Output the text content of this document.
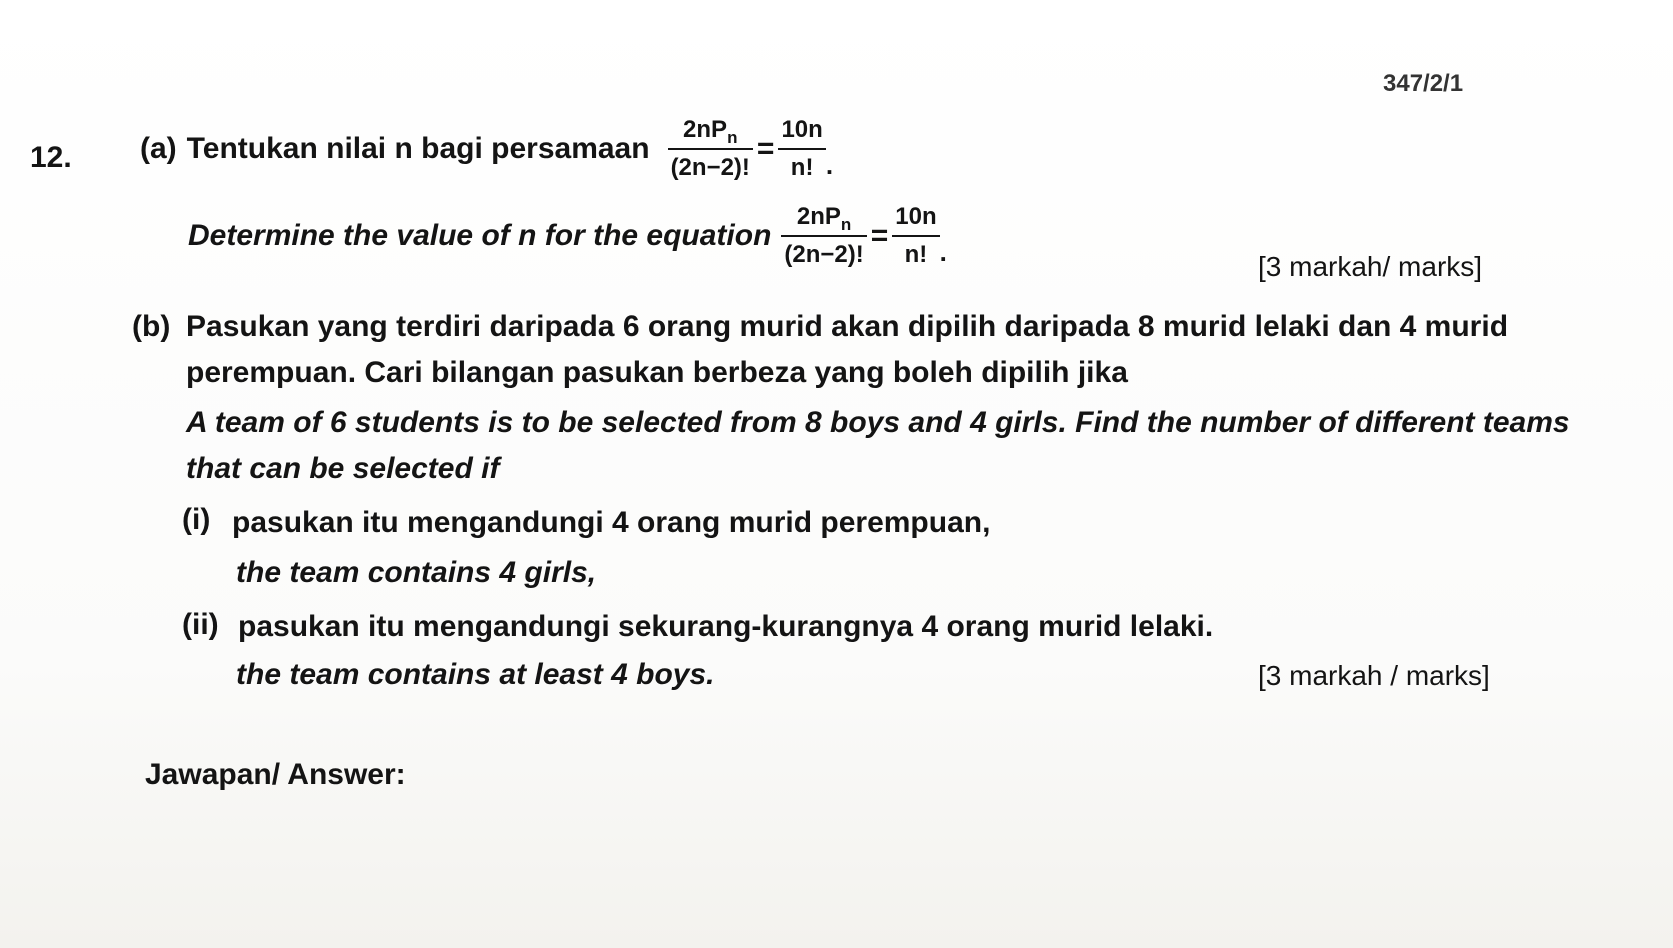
347/2/1
12. (a) Tentukan nilai n bagi persamaan $\frac{2nP_n}{(2n-2)!} = \frac{10n}{n!}$ .
Determine the value of n for the equation $\frac{2nP_n}{(2n-2)!} = \frac{10n}{n!}$ .	[3 markah/ marks]
(b) Pasukan yang terdiri daripada 6 orang murid akan dipilih daripada 8 murid lelaki dan 4 murid
perempuan. Cari bilangan pasukan berbeza yang boleh dipilih jika
A team of 6 students is to be selected from 8 boys and 4 girls. Find the number of different teams
that can be selected if
(i) pasukan itu mengandungi 4 orang murid perempuan,
the team contains 4 girls,
(ii) pasukan itu mengandungi sekurang-kurangnya 4 orang murid lelaki.
the team contains at least 4 boys.	[3 markah / marks]
Jawapan/ Answer:
